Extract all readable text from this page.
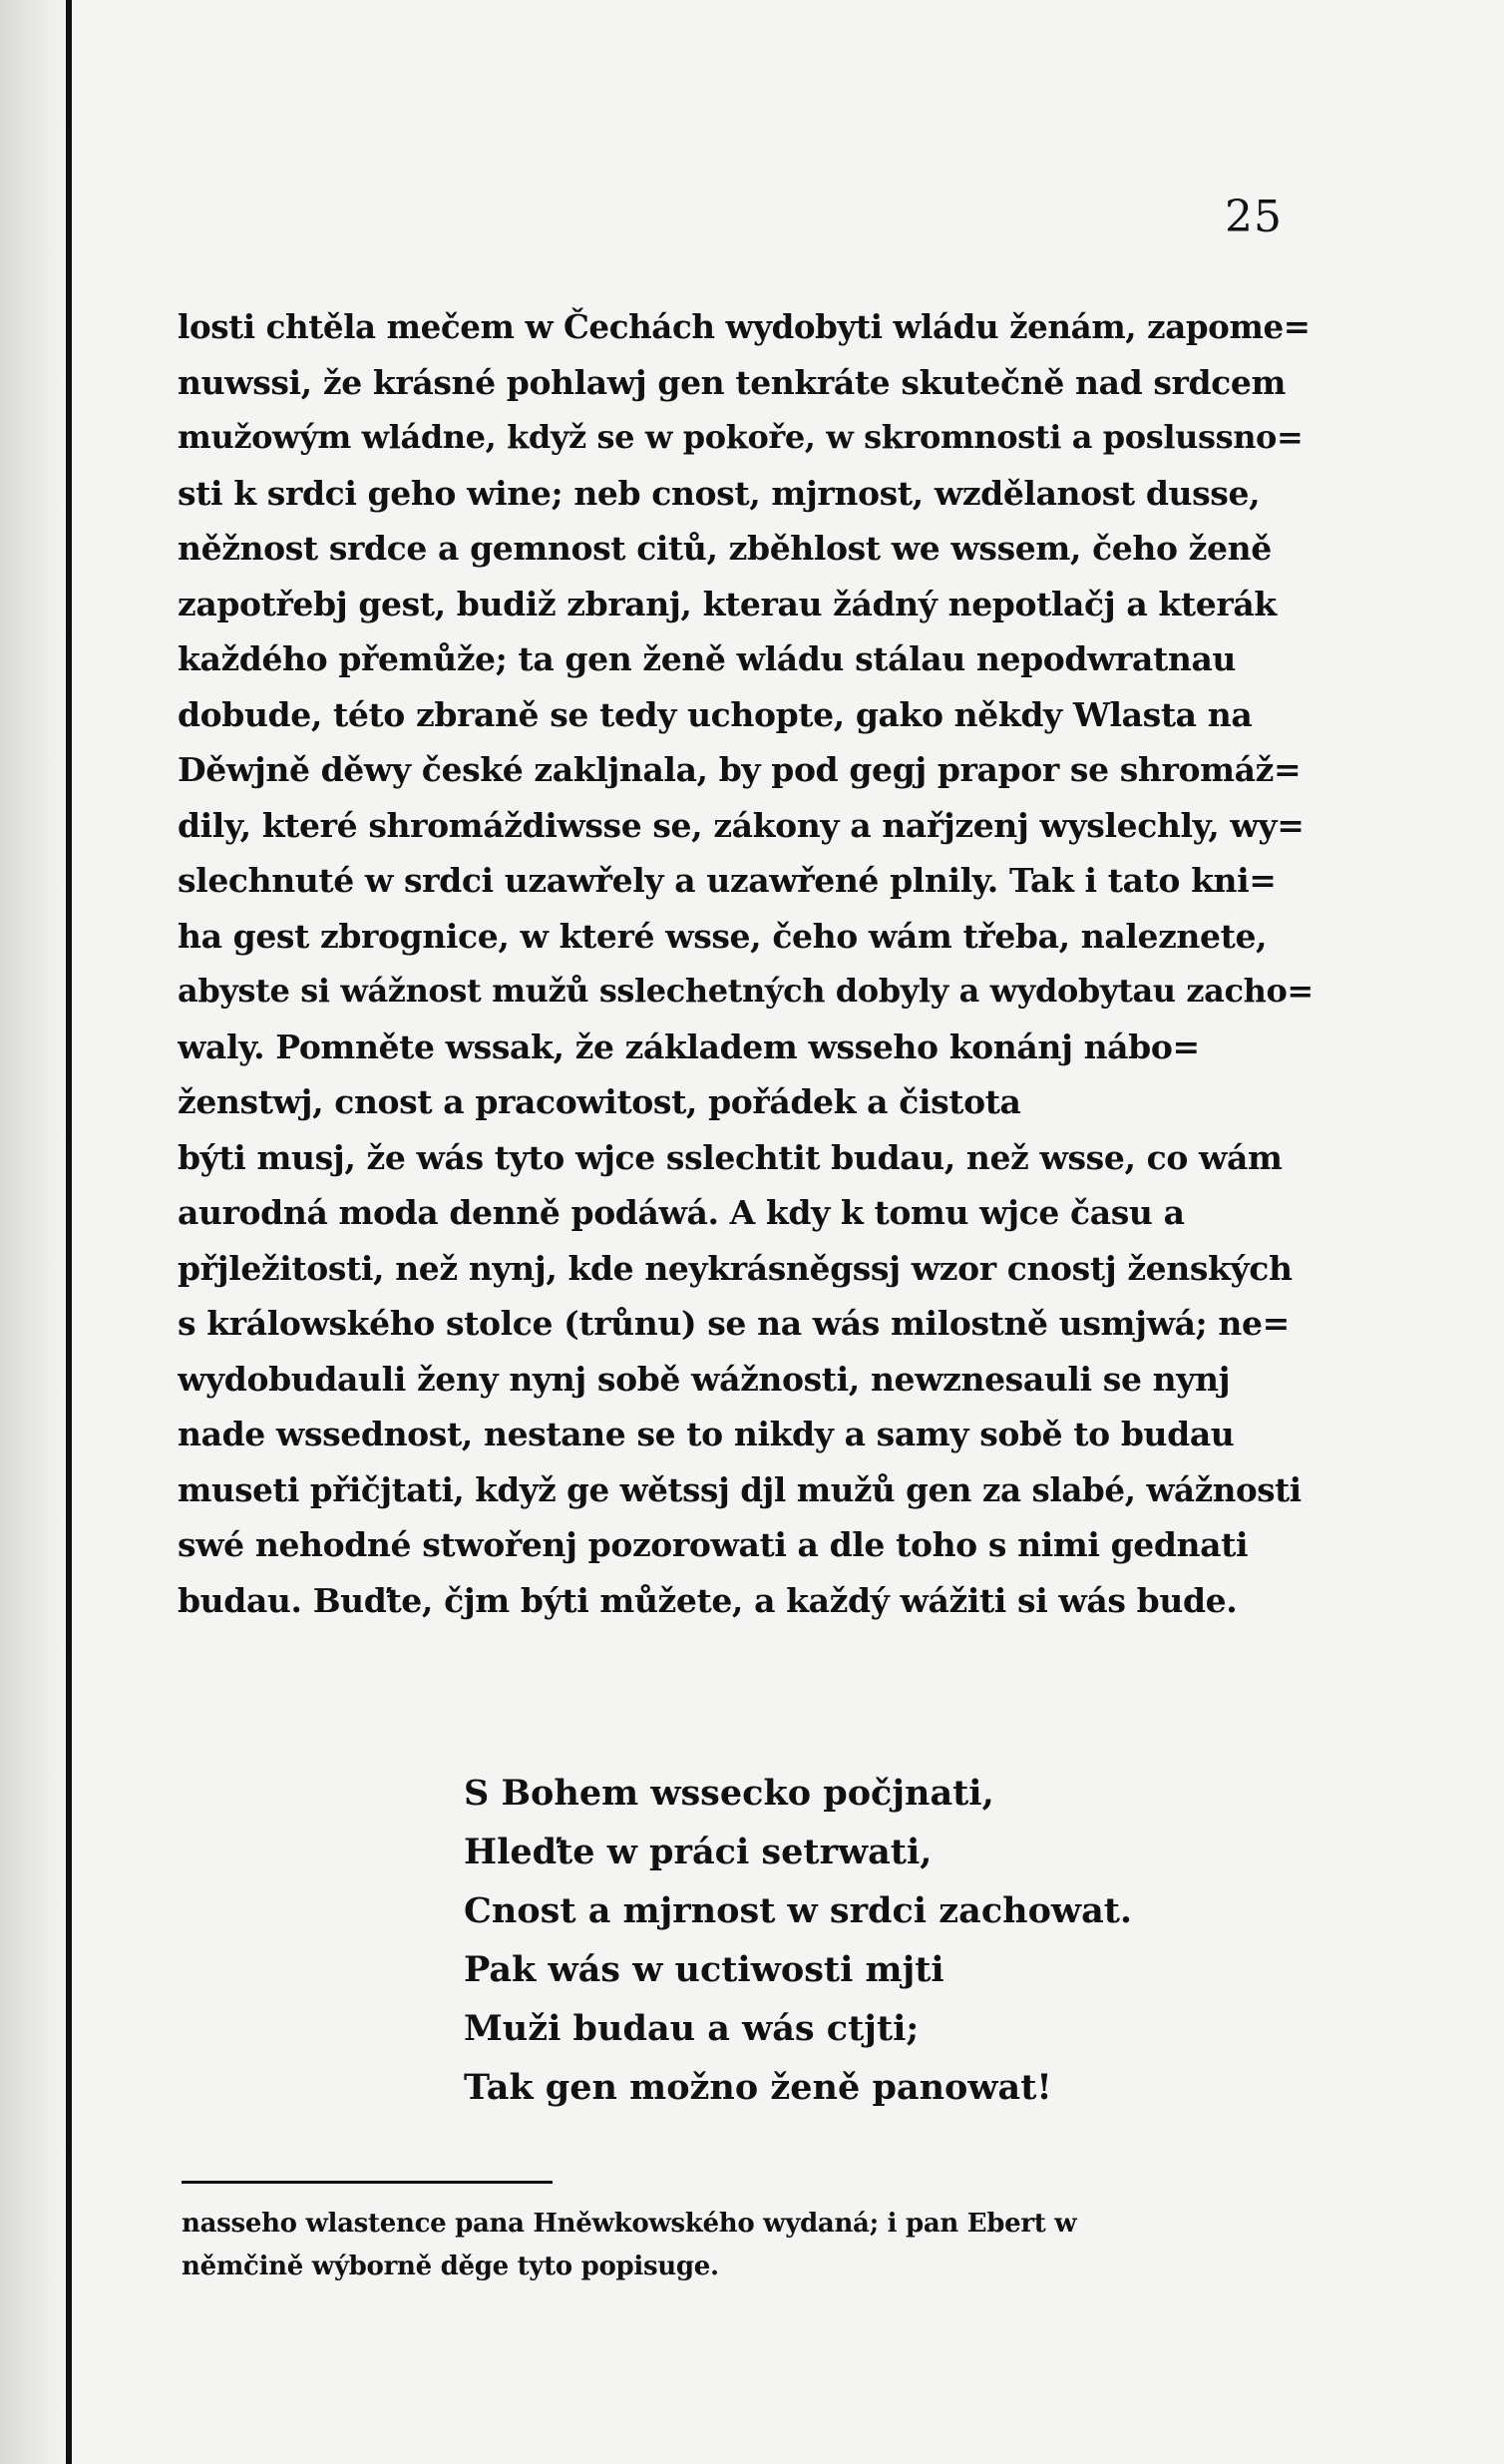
25
losti chtěla mečem w Čechách wydobyti wládu ženám, zapome=
nuwssi, že krásné pohlawj gen tenkráte skutečně nad srdcem
mužowým wládne, když se w pokoře, w skromnosti a poslussno=
sti k srdci geho wine; neb cnost, mjrnost, wzdělanost dusse,
něžnost srdce a gemnost citů, zběhlost we wssem, čeho ženě
zapotřebj gest, budiž zbranj, kterau žádný nepotlačj a kterák
každého přemůže; ta gen ženě wládu stálau nepodwratnau
dobude, této zbraně se tedy uchopte, gako někdy Wlasta na
Děwjně děwy české zakljnala, by pod gegj prapor se shromáž=
dily, které shromáždiwsse se, zákony a nařjzenj wyslechly, wy=
slechnuté w srdci uzawřely a uzawřené plnily. Tak i tato kni=
ha gest zbrognice, w které wsse, čeho wám třeba, naleznete,
abyste si wážnost mužů sslechetných dobyly a wydobytau zacho=
waly. Pomněte wssak, že základem wsseho konánj nábo=
ženstwj, cnost a pracowitost, pořádek a čistota
býti musj, že wás tyto wjce sslechtit budau, než wsse, co wám
aurodná moda denně podáwá. A kdy k tomu wjce času a
přjležitosti, než nynj, kde neykrásněgssj wzor cnostj ženských
s králowského stolce (trůnu) se na wás milostně usmjwá; ne=
wydobudauli ženy nynj sobě wážnosti, newznesauli se nynj
nade wssednost, nestane se to nikdy a samy sobě to budau
museti přičjtati, když ge wětssj djl mužů gen za slabé, wážnosti
swé nehodné stwořenj pozorowati a dle toho s nimi gednati
budau. Buďte, čjm býti můžete, a každý wážiti si wás bude.
S Bohem wssecko počjnati,
Hleďte w práci setrwati,
Cnost a mjrnost w srdci zachowat.
Pak wás w uctiwosti mjti
Muži budau a wás ctjti;
Tak gen možno ženě panowat!
nasseho wlastence pana Hněwkowského wydaná; i pan Ebert w
němčině wýborně děge tyto popisuge.
